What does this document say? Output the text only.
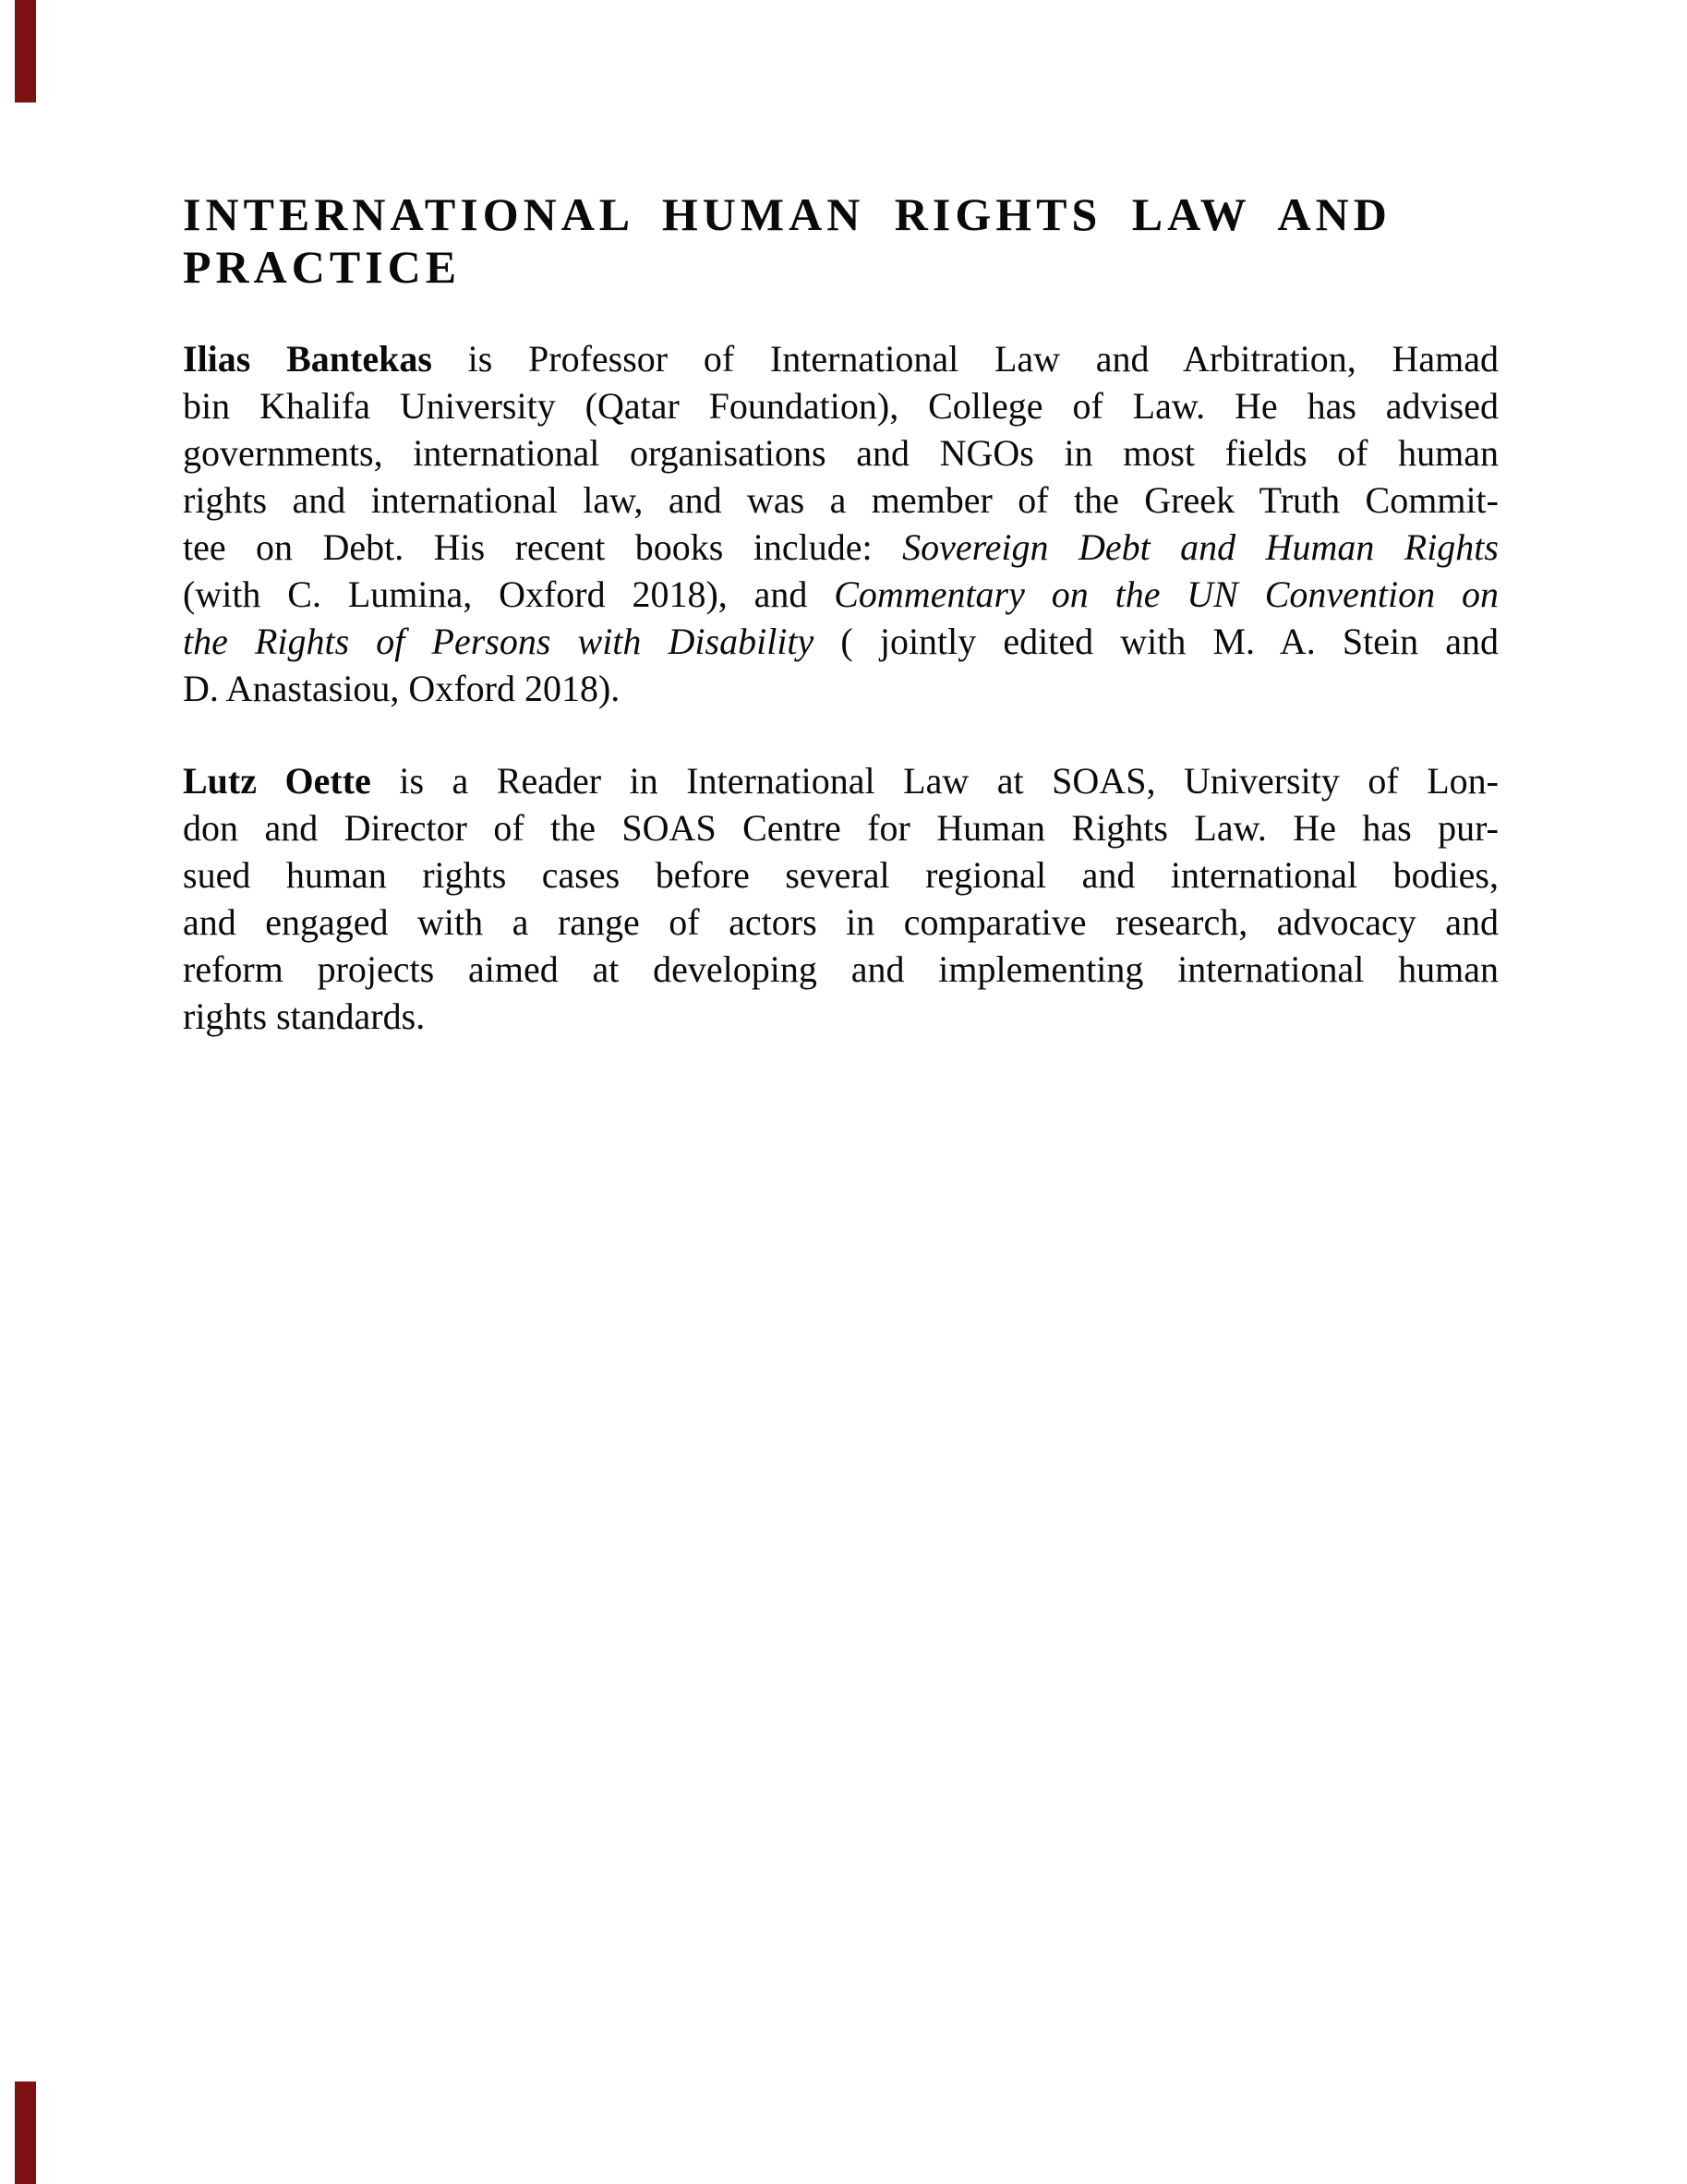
INTERNATIONAL HUMAN RIGHTS LAW AND
PRACTICE
Ilias Bantekas is Professor of International Law and Arbitration, Hamad
bin Khalifa University (Qatar Foundation), College of Law. He has advised
governments, international organisations and NGOs in most fields of human
rights and international law, and was a member of the Greek Truth Commit-
tee on Debt. His recent books include: Sovereign Debt and Human Rights
(with C. Lumina, Oxford 2018), and Commentary on the UN Convention on
the Rights of Persons with Disability ( jointly edited with M. A. Stein and
D. Anastasiou, Oxford 2018).
Lutz Oette is a Reader in International Law at SOAS, University of Lon-
don and Director of the SOAS Centre for Human Rights Law. He has pur-
sued human rights cases before several regional and international bodies,
and engaged with a range of actors in comparative research, advocacy and
reform projects aimed at developing and implementing international human
rights standards.
